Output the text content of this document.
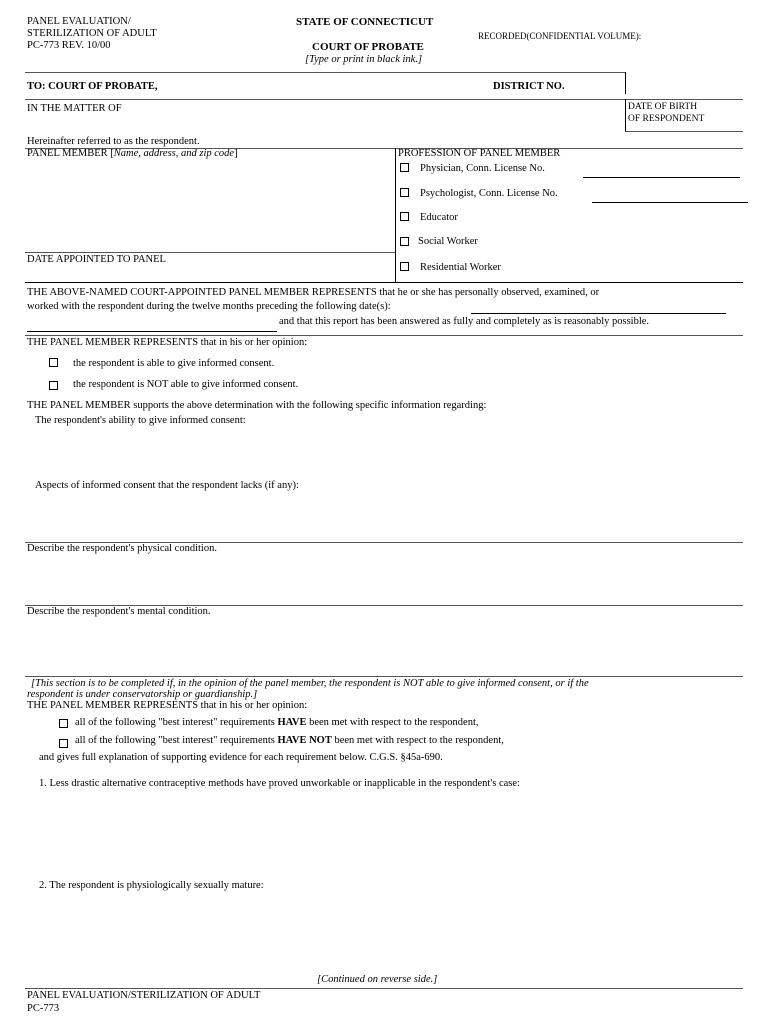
PANEL EVALUATION/
STERILIZATION OF ADULT
PC-773 REV. 10/00
STATE OF CONNECTICUT
RECORDED(CONFIDENTIAL VOLUME):
COURT OF PROBATE
[Type or print in black ink.]
TO: COURT OF PROBATE,	DISTRICT NO.
IN THE MATTER OF	DATE OF BIRTH
OF RESPONDENT
Hereinafter referred to as the respondent.
PANEL MEMBER [Name, address, and zip code]	PROFESSION OF PANEL MEMBER
Physician, Conn. License No.
Psychologist, Conn. License No.
Educator
Social Worker
DATE APPOINTED TO PANEL
Residential Worker
THE ABOVE-NAMED COURT-APPOINTED PANEL MEMBER REPRESENTS that he or she has personally observed, examined, or
worked with the respondent during the twelve months preceding the following date(s):
and that this report has been answered as fully and completely as is reasonably possible.
THE PANEL MEMBER REPRESENTS that in his or her opinion:
the respondent is able to give informed consent.
the respondent is NOT able to give informed consent.
THE PANEL MEMBER supports the above determination with the following specific information regarding:
The respondent's ability to give informed consent:
Aspects of informed consent that the respondent lacks (if any):
Describe the respondent's physical condition.
Describe the respondent's mental condition.
[This section is to be completed if, in the opinion of the panel member, the respondent is NOT able to give informed consent, or if the
respondent is under conservatorship or guardianship.]
THE PANEL MEMBER REPRESENTS that in his or her opinion:
all of the following "best interest" requirements HAVE been met with respect to the respondent,
all of the following "best interest" requirements HAVE NOT been met with respect to the respondent,
and gives full explanation of supporting evidence for each requirement below. C.G.S. §45a-690.
1. Less drastic alternative contraceptive methods have proved unworkable or inapplicable in the respondent's case:
2. The respondent is physiologically sexually mature:
[Continued on reverse side.]
PANEL EVALUATION/STERILIZATION OF ADULT
PC-773
